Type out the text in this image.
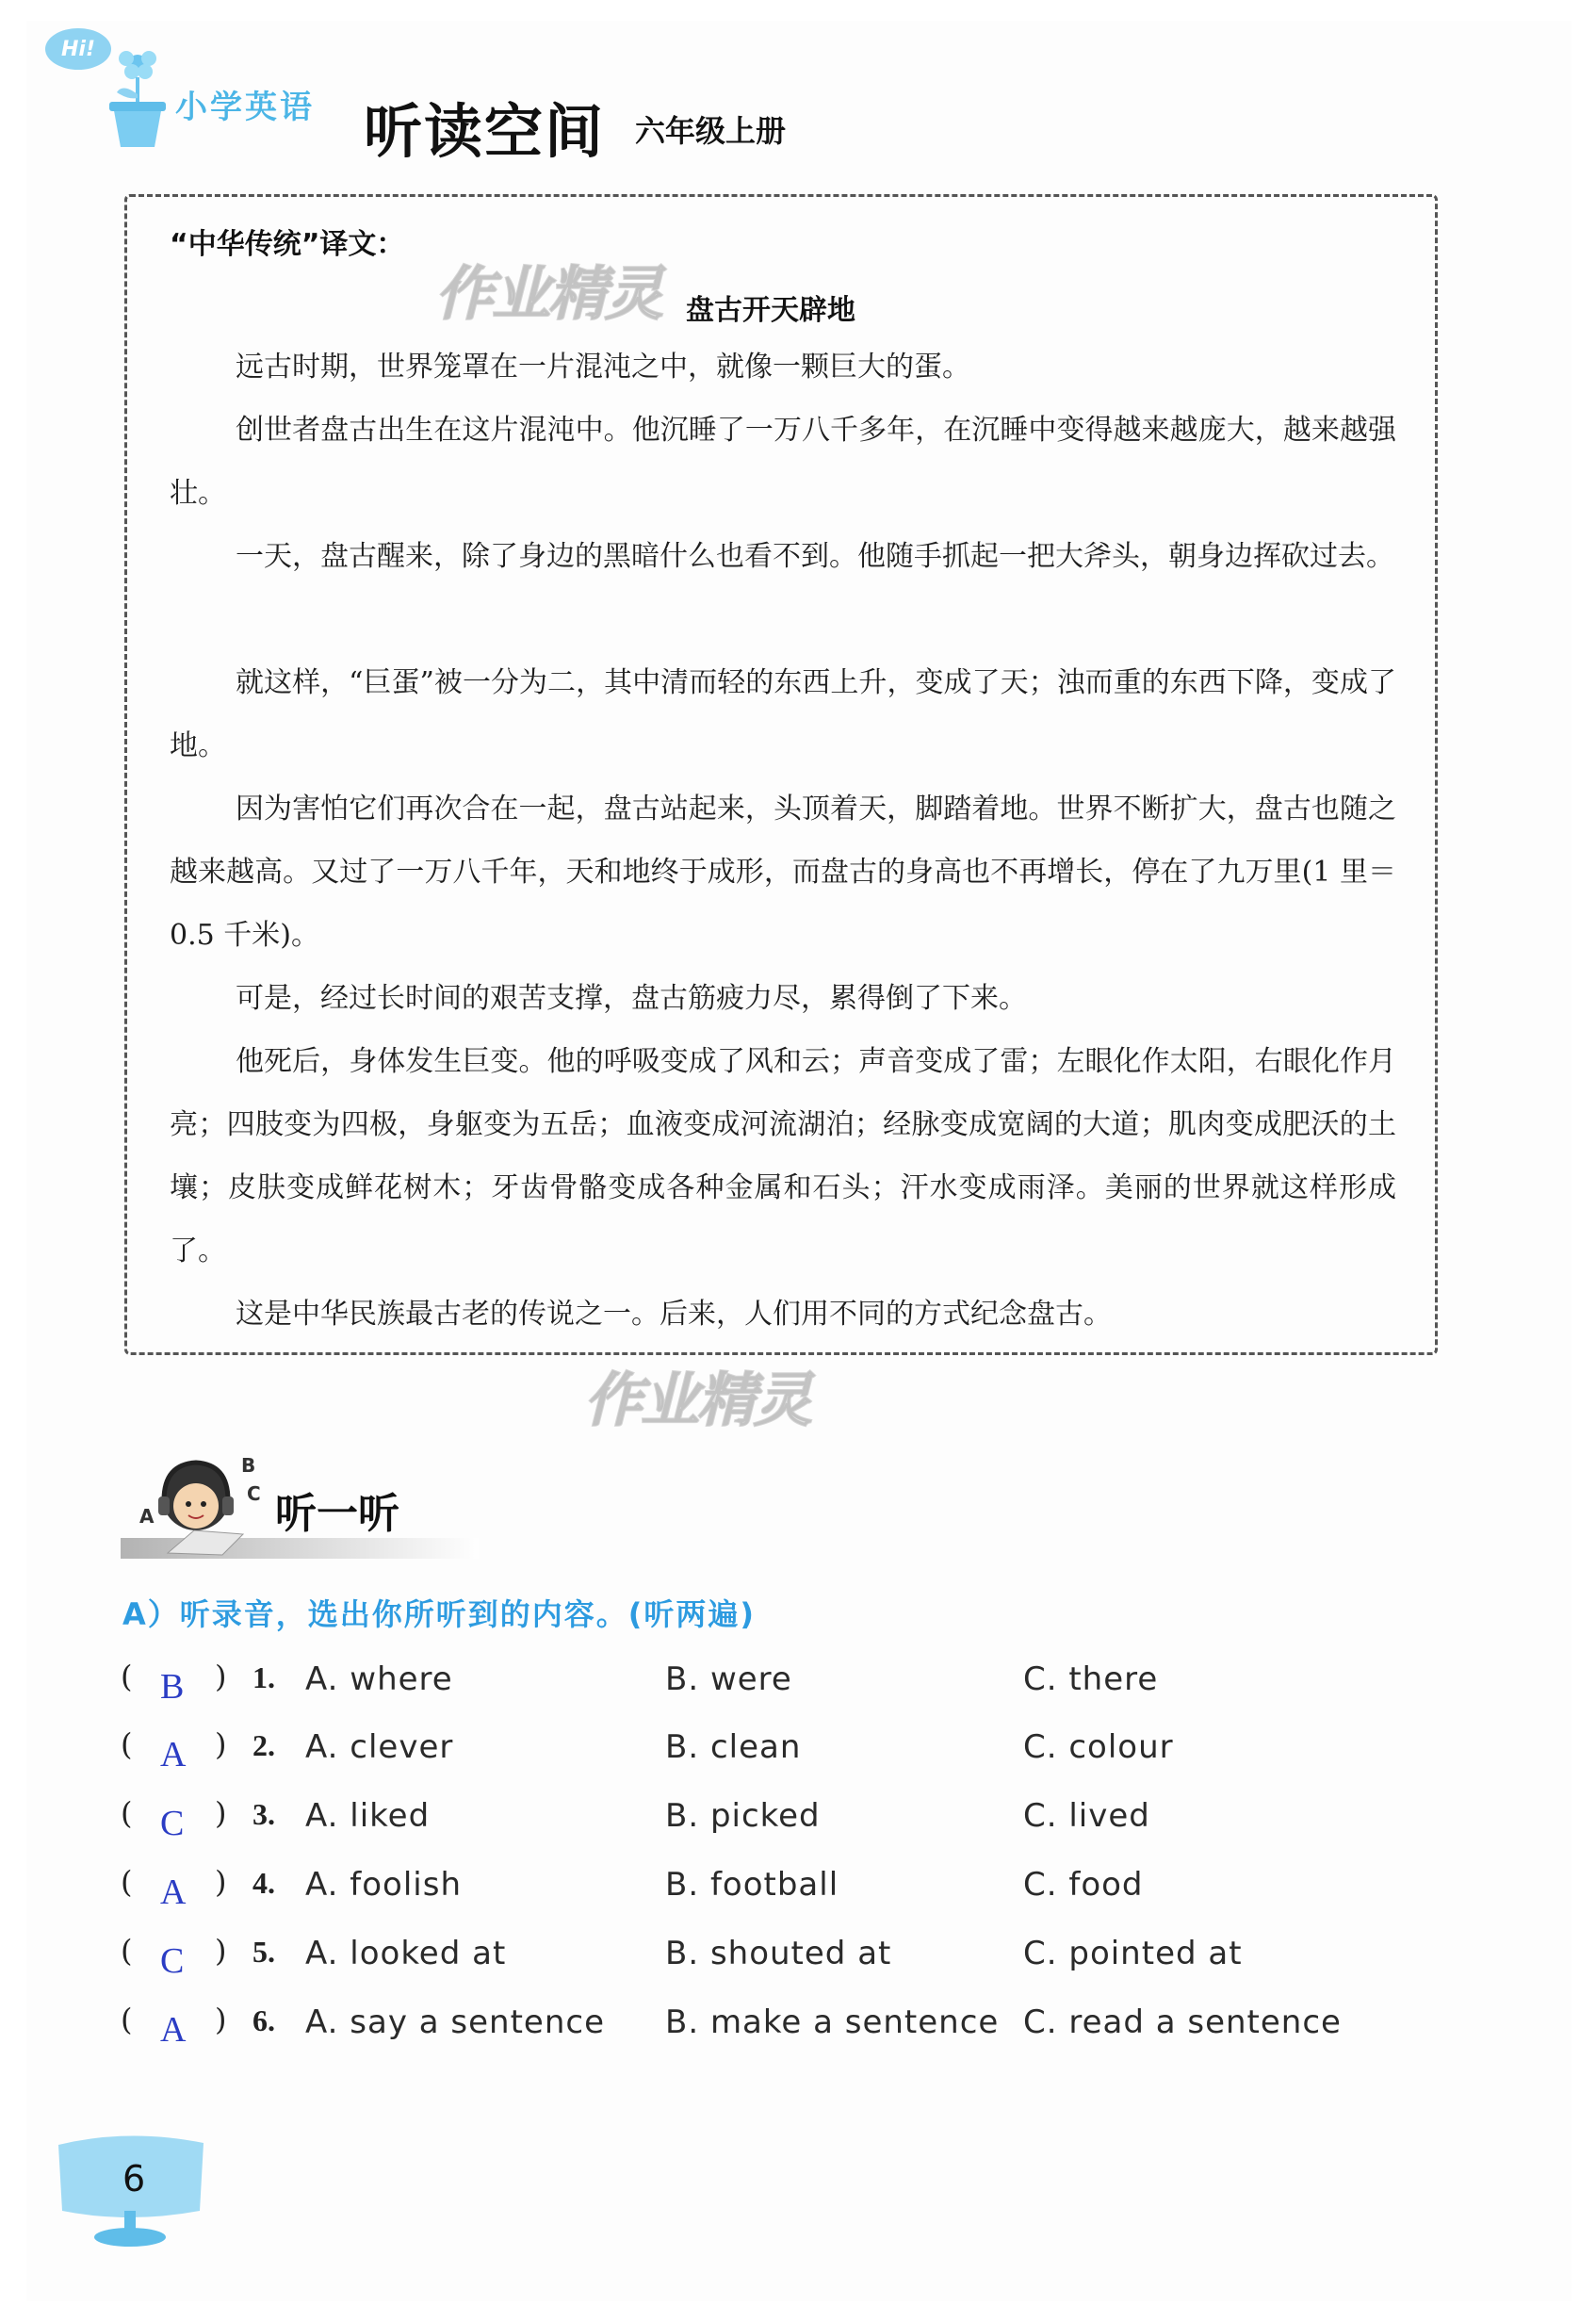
Hi!
小学英语 听读空间 六年级上册
“中华传统”译文：
作业精灵 盘古开天辟地

远古时期，世界笼罩在一片混沌之中，就像一颗巨大的蛋。

创世者盘古出生在这片混沌中。他沉睡了一万八千多年，在沉睡中变得越来越庞大，越来越强壮。

一天，盘古醒来，除了身边的黑暗什么也看不到。他随手抓起一把大斧头，朝身边挥砍过去。

就这样，“巨蛋”被一分为二，其中清而轻的东西上升，变成了天；浊而重的东西下降，变成了地。

因为害怕它们再次合在一起，盘古站起来，头顶着天，脚踏着地。世界不断扩大，盘古也随之越来越高。又过了一万八千年，天和地终于成形，而盘古的身高也不再增长，停在了九万里(1 里＝0.5 千米)。

可是，经过长时间的艰苦支撑，盘古筋疲力尽，累得倒了下来。

他死后，身体发生巨变。他的呼吸变成了风和云；声音变成了雷；左眼化作太阳，右眼化作月亮；四肢变为四极，身躯变为五岳；血液变成河流湖泊；经脉变成宽阔的大道；肌肉变成肥沃的土壤；皮肤变成鲜花树木；牙齿骨骼变成各种金属和石头；汗水变成雨泽。美丽的世界就这样形成了。

这是中华民族最古老的传说之一。后来，人们用不同的方式纪念盘古。

作业精灵
A
B
C 听一听
A）听录音，选出你所听到的内容。(听两遍)
( B ) 1. A. where	B. were	C. there
( A ) 2. A. clever	B. clean	C. colour
( C ) 3. A. liked	B. picked	C. lived
( A ) 4. A. foolish	B. football	C. food
( C ) 5. A. looked at	B. shouted at	C. pointed at
( A ) 6. A. say a sentence B. make a sentence C. read a sentence
6
